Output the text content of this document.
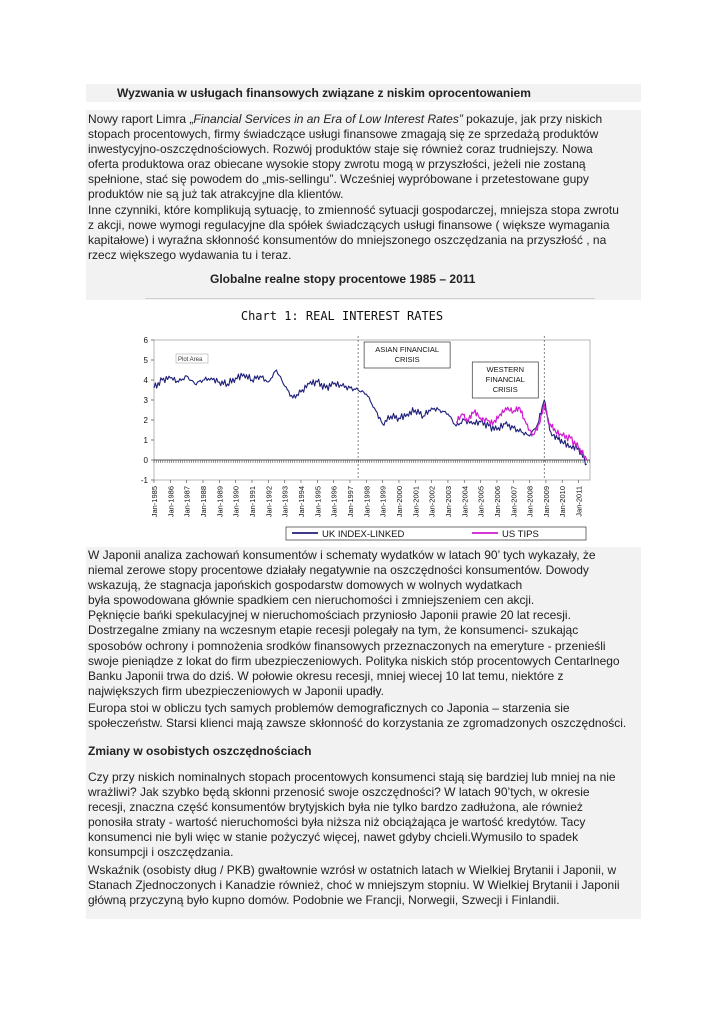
Wyzwania w usługach finansowych związane z niskim oprocentowaniem
Nowy raport Limra „Financial Services in an Era of Low Interest Rates” pokazuje, jak przy niskich
stopach procentowych, firmy świadczące usługi finansowe zmagają się ze sprzedażą produktów
inwestycyjno-oszczędnościowych. Rozwój produktów staje się również coraz trudniejszy. Nowa
oferta produktowa oraz obiecane wysokie stopy zwrotu mogą w przyszłości, jeżeli nie zostaną
spełnione, stać się powodem do „mis-sellingu”. Wcześniej wypróbowane i przetestowane gupy
produktów nie są już tak atrakcyjne dla klientów.
Inne czynniki, które komplikują sytuację, to zmienność sytuacji gospodarczej, mniejsza stopa zwrotu
z akcji, nowe wymogi regulacyjne dla spółek świadczących usługi finansowe ( większe wymagania
kapitałowe) i wyraźna skłonność konsumentów do mniejszonego oszczędzania na przyszłość , na
rzecz większego wydawania tu i teraz.
Globalne realne stopy procentowe 1985 – 2011
Chart 1: REAL INTEREST RATES
-1
0
1
2
3
4
5
6
Jan-1985 Jan-1986 Jan-1987 Jan-1988 Jan-1989 Jan-1990 Jan-1991 Jan-1992 Jan-1993 Jan-1994 Jan-1995 Jan-1996 Jan-1997 Jan-1998 Jan-1999 Jan-2000 Jan-2001 Jan-2002 Jan-2003 Jan-2004 Jan-2005 Jan-2006 Jan-2007 Jan-2008 Jan-2009 Jan-2010 Jan-2011
Plot Area
ASIAN FINANCIAL
CRISIS
WESTERN
FINANCIAL
CRISIS
UK INDEX-LINKED	US TIPS
W Japonii analiza zachowań konsumentów i schematy wydatków w latach 90’ tych wykazały, że
niemal zerowe stopy procentowe działały negatywnie na oszczędności konsumentów. Dowody
wskazują, że stagnacja japońskich gospodarstw domowych w wolnych wydatkach
była spowodowana głównie spadkiem cen nieruchomości i zmniejszeniem cen akcji.
Pęknięcie bańki spekulacyjnej w nieruchomościach przyniosło Japonii prawie 20 lat recesji.
Dostrzegalne zmiany na wczesnym etapie recesji polegały na tym, że konsumenci- szukając
sposobów ochrony i pomnożenia srodków finansowych przeznaczonych na emeryture - przenieśli
swoje pieniądze z lokat do firm ubezpieczeniowych. Polityka niskich stóp procentowych Centarlnego
Banku Japonii trwa do dziś. W połowie okresu recesji, mniej wiecej 10 lat temu, niektóre z
największych firm ubezpieczeniowych w Japonii upadły.
Europa stoi w obliczu tych samych problemów demograficznych co Japonia – starzenia sie
społeczeństw. Starsi klienci mają zawsze skłonność do korzystania ze zgromadzonych oszczędności.
Zmiany w osobistych oszczędnościach
Czy przy niskich nominalnych stopach procentowych konsumenci stają się bardziej lub mniej na nie
wrażliwi? Jak szybko będą skłonni przenosić swoje oszczędności? W latach 90’tych, w okresie
recesji, znaczna część konsumentów brytyjskich była nie tylko bardzo zadłużona, ale również
ponosiła straty - wartość nieruchomości była niższa niż obciążająca je wartość kredytów. Tacy
konsumenci nie byli więc w stanie pożyczyć więcej, nawet gdyby chcieli.Wymusilo to spadek
konsumpcji i oszczędzania.
Wskaźnik (osobisty dług / PKB) gwałtownie wzrósł w ostatnich latach w Wielkiej Brytanii i Japonii, w
Stanach Zjednoczonych i Kanadzie również, choć w mniejszym stopniu. W Wielkiej Brytanii i Japonii
główną przyczyną było kupno domów. Podobnie we Francji, Norwegii, Szwecji i Finlandii.
